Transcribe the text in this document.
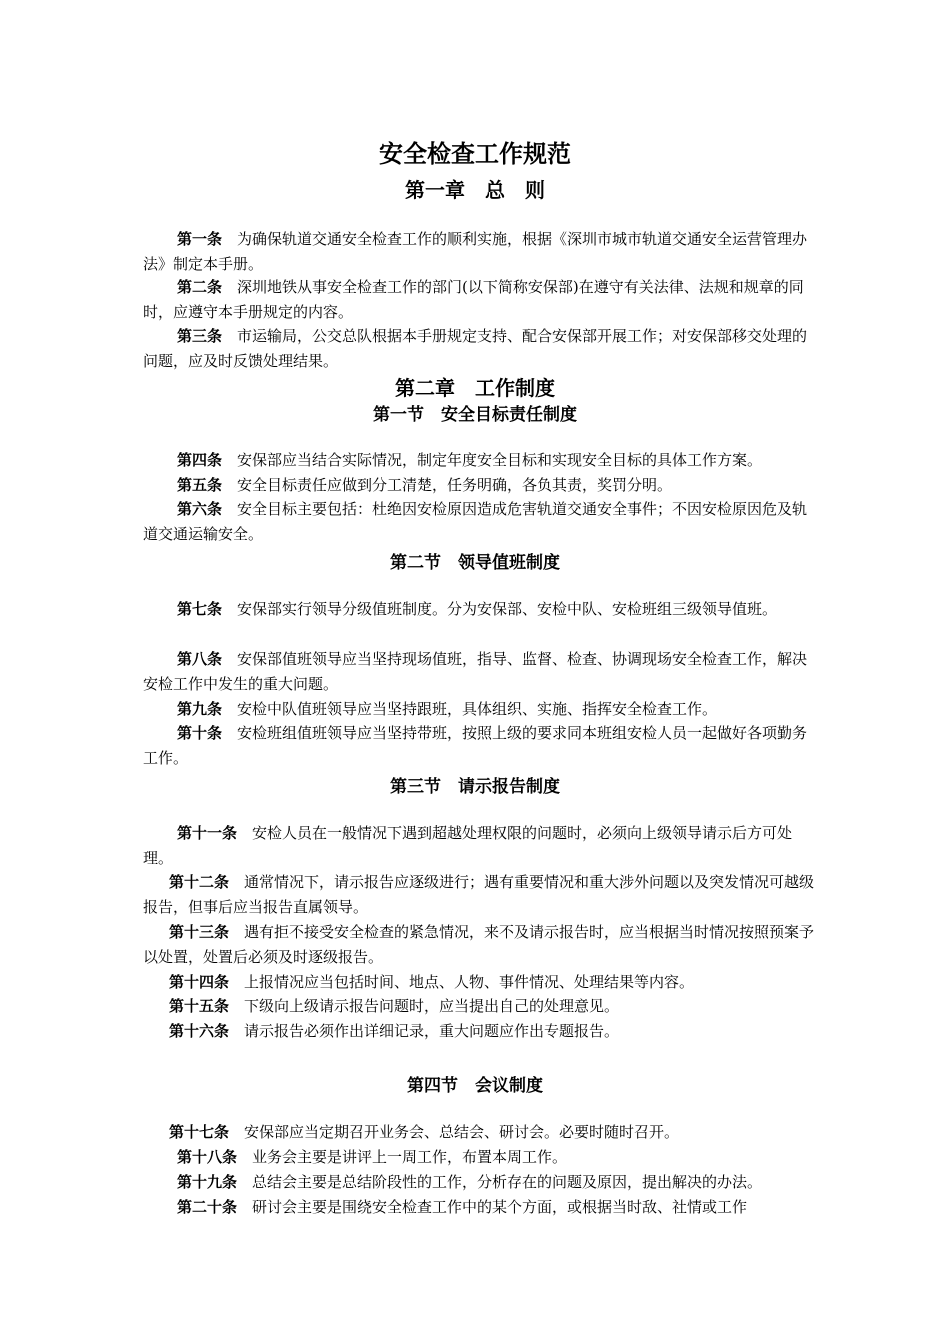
安全检查工作规范
第一章　总　则
第一条　 为确保轨道交通安全检查工作的顺利实施，根据《深圳市城市轨道交通安全运营管理办法》制定本手册。
第二条　 深圳地铁从事安全检查工作的部门(以下简称安保部)在遵守有关法律、法规和规章的同时，应遵守本手册规定的内容。
第三条　 市运输局，公交总队根据本手册规定支持、配合安保部开展工作；对安保部移交处理的问题，应及时反馈处理结果。
第二章　工作制度
第一节　安全目标责任制度
第四条　 安保部应当结合实际情况，制定年度安全目标和实现安全目标的具体工作方案。
第五条　 安全目标责任应做到分工清楚，任务明确，各负其责，奖罚分明。
第六条　 安全目标主要包括：杜绝因安检原因造成危害轨道交通安全事件；不因安检原因危及轨道交通运输安全。
第二节　领导值班制度
第七条　 安保部实行领导分级值班制度。分为安保部、安检中队、安检班组三级领导值班。
第八条　 安保部值班领导应当坚持现场值班，指导、监督、检查、协调现场安全检查工作，解决安检工作中发生的重大问题。
第九条　 安检中队值班领导应当坚持跟班，具体组织、实施、指挥安全检查工作。
第十条　 安检班组值班领导应当坚持带班，按照上级的要求同本班组安检人员一起做好各项勤务工作。
第三节　请示报告制度
第十一条　 安检人员在一般情况下遇到超越处理权限的问题时，必须向上级领导请示后方可处理。
第十二条　 通常情况下，请示报告应逐级进行；遇有重要情况和重大涉外问题以及突发情况可越级报告，但事后应当报告直属领导。
第十三条　 遇有拒不接受安全检查的紧急情况，来不及请示报告时，应当根据当时情况按照预案予以处置，处置后必须及时逐级报告。
第十四条　 上报情况应当包括时间、地点、人物、事件情况、处理结果等内容。
第十五条　 下级向上级请示报告问题时，应当提出自己的处理意见。
第十六条　 请示报告必须作出详细记录，重大问题应作出专题报告。
第四节　会议制度
第十七条　 安保部应当定期召开业务会、总结会、研讨会。必要时随时召开。
第十八条　 业务会主要是讲评上一周工作，布置本周工作。
第十九条　 总结会主要是总结阶段性的工作，分析存在的问题及原因，提出解决的办法。
第二十条　 研讨会主要是围绕安全检查工作中的某个方面，或根据当时敌、社情或工作
